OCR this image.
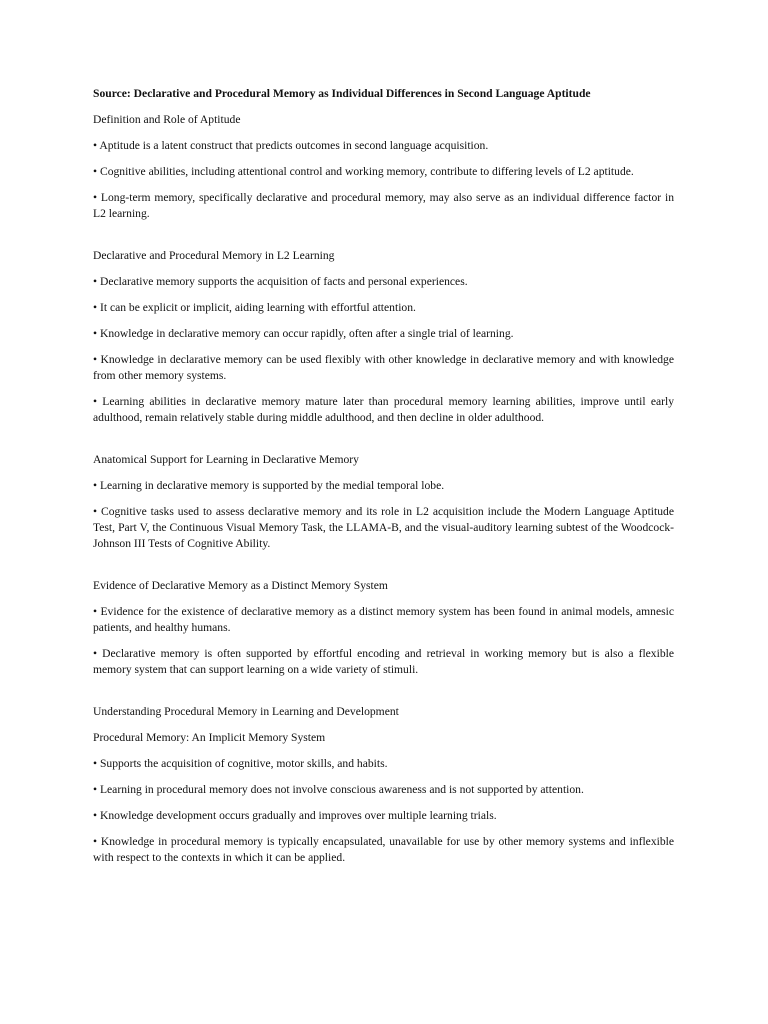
Source: Declarative and Procedural Memory as Individual Differences in Second Language Aptitude
Definition and Role of Aptitude
• Aptitude is a latent construct that predicts outcomes in second language acquisition.
• Cognitive abilities, including attentional control and working memory, contribute to differing levels of L2 aptitude.
• Long-term memory, specifically declarative and procedural memory, may also serve as an individual difference factor in L2 learning.
Declarative and Procedural Memory in L2 Learning
• Declarative memory supports the acquisition of facts and personal experiences.
• It can be explicit or implicit, aiding learning with effortful attention.
• Knowledge in declarative memory can occur rapidly, often after a single trial of learning.
• Knowledge in declarative memory can be used flexibly with other knowledge in declarative memory and with knowledge from other memory systems.
• Learning abilities in declarative memory mature later than procedural memory learning abilities, improve until early adulthood, remain relatively stable during middle adulthood, and then decline in older adulthood.
Anatomical Support for Learning in Declarative Memory
• Learning in declarative memory is supported by the medial temporal lobe.
• Cognitive tasks used to assess declarative memory and its role in L2 acquisition include the Modern Language Aptitude Test, Part V, the Continuous Visual Memory Task, the LLAMA-B, and the visual-auditory learning subtest of the Woodcock-Johnson III Tests of Cognitive Ability.
Evidence of Declarative Memory as a Distinct Memory System
• Evidence for the existence of declarative memory as a distinct memory system has been found in animal models, amnesic patients, and healthy humans.
• Declarative memory is often supported by effortful encoding and retrieval in working memory but is also a flexible memory system that can support learning on a wide variety of stimuli.
Understanding Procedural Memory in Learning and Development
Procedural Memory: An Implicit Memory System
• Supports the acquisition of cognitive, motor skills, and habits.
• Learning in procedural memory does not involve conscious awareness and is not supported by attention.
• Knowledge development occurs gradually and improves over multiple learning trials.
• Knowledge in procedural memory is typically encapsulated, unavailable for use by other memory systems and inflexible with respect to the contexts in which it can be applied.
